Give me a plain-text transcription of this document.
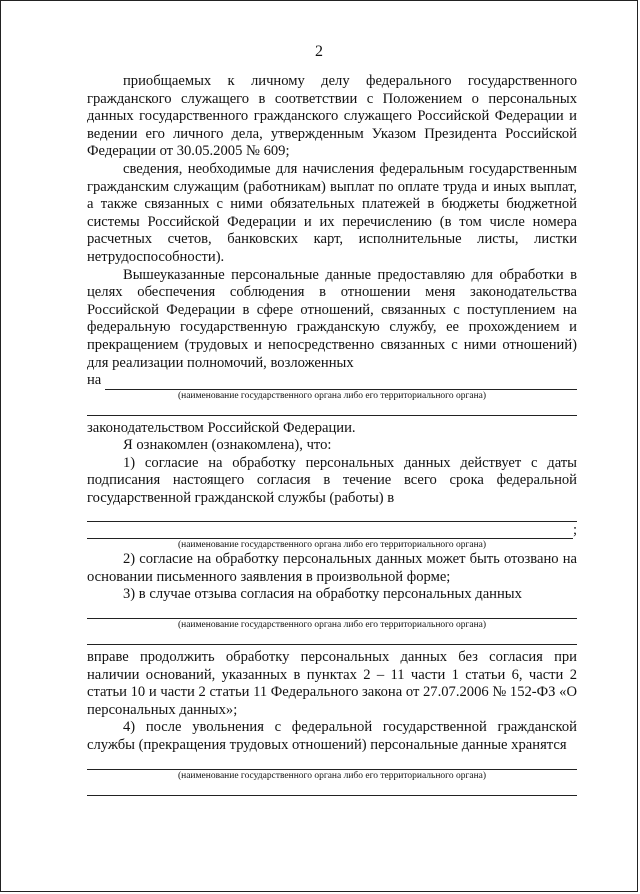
2

приобщаемых к личному делу федерального государственного гражданского служащего в соответствии с Положением о персональных данных государственного гражданского служащего Российской Федерации и ведении его личного дела, утвержденным Указом Президента Российской Федерации от 30.05.2005 № 609;

сведения, необходимые для начисления федеральным государственным гражданским служащим (работникам) выплат по оплате труда и иных выплат, а также связанных с ними обязательных платежей в бюджеты бюджетной системы Российской Федерации и их перечислению (в том числе номера расчетных счетов, банковских карт, исполнительные листы, листки нетрудоспособности).

Вышеуказанные персональные данные предоставляю для обработки в целях обеспечения соблюдения в отношении меня законодательства Российской Федерации в сфере отношений, связанных с поступлением на федеральную государственную гражданскую службу, ее прохождением и прекращением (трудовых и непосредственно связанных с ними отношений) для реализации полномочий, возложенных

на

(наименование государственного органа либо его территориального органа)

законодательством Российской Федерации.

Я ознакомлен (ознакомлена), что:

1) согласие на обработку персональных данных действует с даты подписания настоящего согласия в течение всего срока федеральной государственной гражданской службы (работы) в

;

(наименование государственного органа либо его территориального органа)

2) согласие на обработку персональных данных может быть отозвано на основании письменного заявления в произвольной форме;

3) в случае отзыва согласия на обработку персональных данных

(наименование государственного органа либо его территориального органа)

вправе продолжить обработку персональных данных без согласия при наличии оснований, указанных в пунктах 2 – 11 части 1 статьи 6, части 2 статьи 10 и части 2 статьи 11 Федерального закона от 27.07.2006 № 152-ФЗ «О персональных данных»;

4) после увольнения с федеральной государственной гражданской службы (прекращения трудовых отношений) персональные данные хранятся

(наименование государственного органа либо его территориального органа)
